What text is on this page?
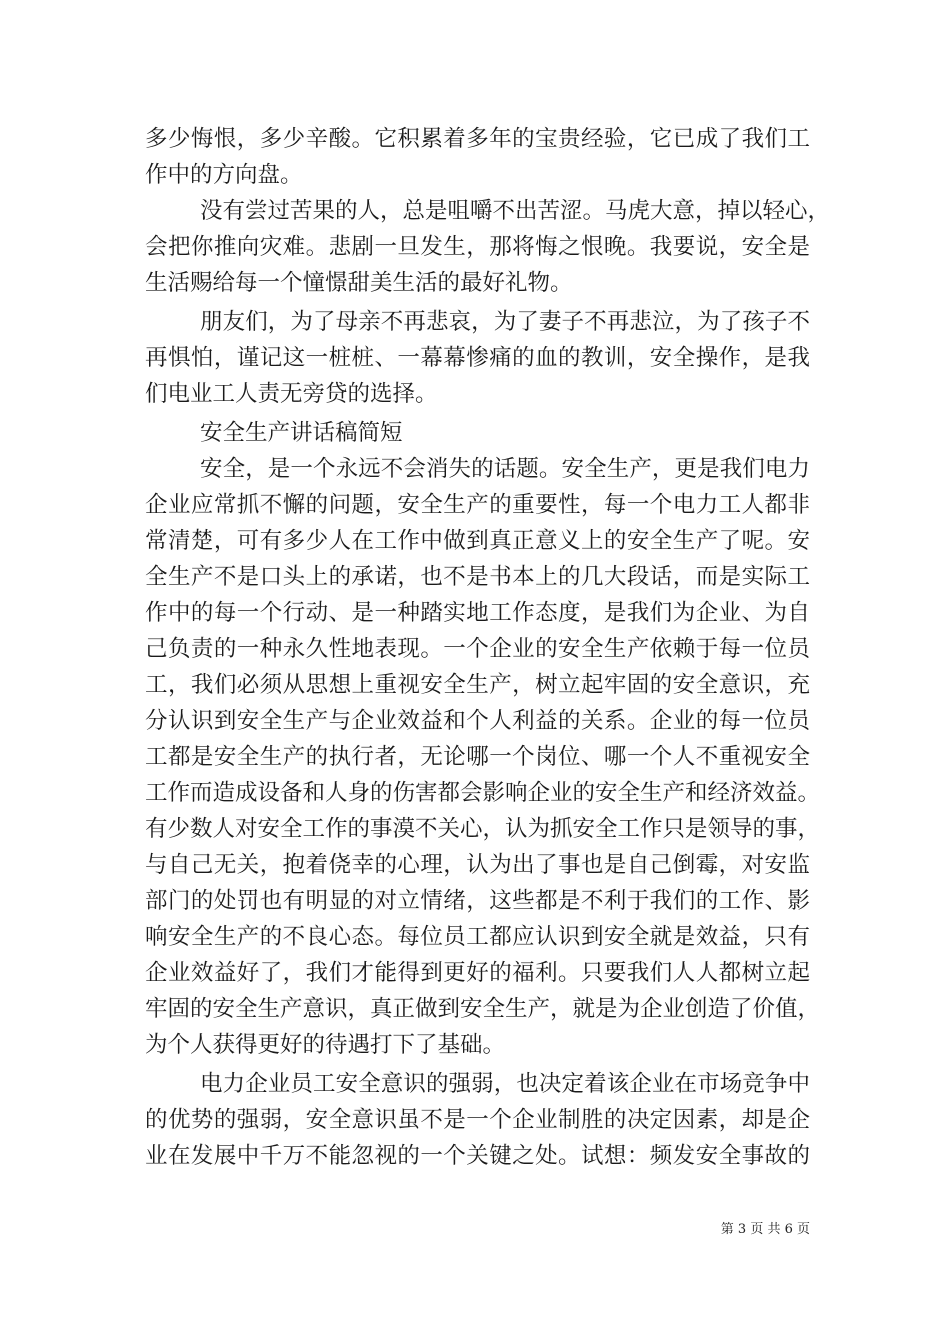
多少悔恨，多少辛酸。它积累着多年的宝贵经验，它已成了我们工
作中的方向盘。
没有尝过苦果的人，总是咀嚼不出苦涩。马虎大意，掉以轻心，
会把你推向灾难。悲剧一旦发生，那将悔之恨晚。我要说，安全是
生活赐给每一个憧憬甜美生活的最好礼物。
朋友们，为了母亲不再悲哀，为了妻子不再悲泣，为了孩子不
再惧怕，谨记这一桩桩、一幕幕惨痛的血的教训，安全操作，是我
们电业工人责无旁贷的选择。
安全生产讲话稿简短
安全，是一个永远不会消失的话题。安全生产，更是我们电力
企业应常抓不懈的问题，安全生产的重要性，每一个电力工人都非
常清楚，可有多少人在工作中做到真正意义上的安全生产了呢。安
全生产不是口头上的承诺，也不是书本上的几大段话，而是实际工
作中的每一个行动、是一种踏实地工作态度，是我们为企业、为自
己负责的一种永久性地表现。一个企业的安全生产依赖于每一位员
工，我们必须从思想上重视安全生产，树立起牢固的安全意识，充
分认识到安全生产与企业效益和个人利益的关系。企业的每一位员
工都是安全生产的执行者，无论哪一个岗位、哪一个人不重视安全
工作而造成设备和人身的伤害都会影响企业的安全生产和经济效益。
有少数人对安全工作的事漠不关心，认为抓安全工作只是领导的事，
与自己无关，抱着侥幸的心理，认为出了事也是自己倒霉，对安监
部门的处罚也有明显的对立情绪，这些都是不利于我们的工作、影
响安全生产的不良心态。每位员工都应认识到安全就是效益，只有
企业效益好了，我们才能得到更好的福利。只要我们人人都树立起
牢固的安全生产意识，真正做到安全生产，就是为企业创造了价值，
为个人获得更好的待遇打下了基础。
电力企业员工安全意识的强弱，也决定着该企业在市场竞争中
的优势的强弱，安全意识虽不是一个企业制胜的决定因素，却是企
业在发展中千万不能忽视的一个关键之处。试想：频发安全事故的
第 3 页 共 6 页
